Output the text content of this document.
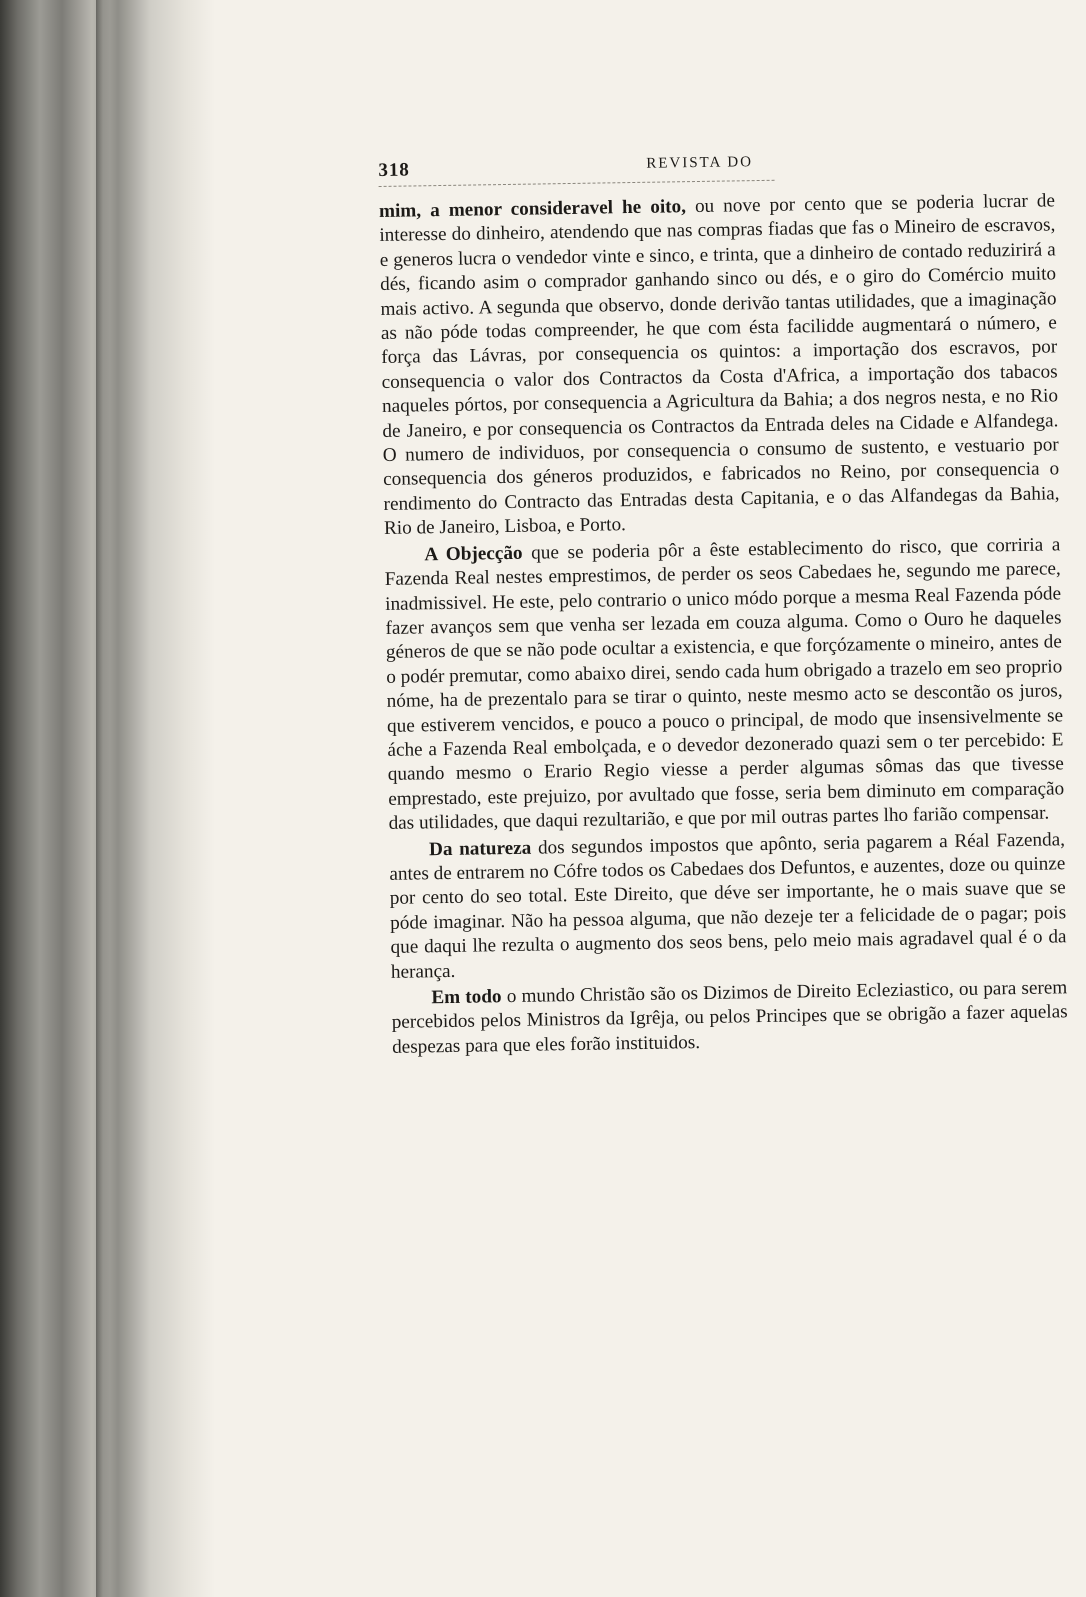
318	REVISTA DO

mim, a menor consideravel he oito, ou nove por cento que se poderia lucrar de interesse do dinheiro, atendendo que nas compras fiadas que fas o Mineiro de escravos, e generos lucra o vendedor vinte e sinco, e trinta, que a dinheiro de contado reduzirirá a dés, ficando asim o comprador ganhando sinco ou dés, e o giro do Comércio muito mais activo. A segunda que observo, donde derivão tantas utilidades, que a imaginação as não póde todas compreender, he que com ésta facilidde augmentará o número, e força das Lávras, por consequencia os quintos: a importação dos escravos, por consequencia o valor dos Contractos da Costa d'Africa, a importação dos tabacos naqueles pórtos, por consequencia a Agricultura da Bahia; a dos negros nesta, e no Rio de Janeiro, e por consequencia os Contractos da Entrada deles na Cidade e Alfandega. O numero de individuos, por consequencia o consumo de sustento, e vestuario por consequencia dos géneros produzidos, e fabricados no Reino, por consequencia o rendimento do Contracto das Entradas desta Capitania, e o das Alfandegas da Bahia, Rio de Janeiro, Lisboa, e Porto.

A Objecção que se poderia pôr a êste establecimento do risco, que corriria a Fazenda Real nestes emprestimos, de perder os seos Cabedaes he, segundo me parece, inadmissivel. He este, pelo contrario o unico módo porque a mesma Real Fazenda póde fazer avanços sem que venha ser lezada em couza alguma. Como o Ouro he daqueles géneros de que se não pode ocultar a existencia, e que forçózamente o mineiro, antes de o podér premutar, como abaixo direi, sendo cada hum obrigado a trazelo em seo proprio nóme, ha de prezentalo para se tirar o quinto, neste mesmo acto se descontão os juros, que estiverem vencidos, e pouco a pouco o principal, de modo que insensivelmente se áche a Fazenda Real embolçada, e o devedor dezonerado quazi sem o ter percebido: E quando mesmo o Erario Regio viesse a perder algumas sômas das que tivesse emprestado, este prejuizo, por avultado que fosse, seria bem diminuto em comparação das utilidades, que daqui rezultarião, e que por mil outras partes lho farião compensar.

Da natureza dos segundos impostos que apônto, seria pagarem a Réal Fazenda, antes de entrarem no Cófre todos os Cabedaes dos Defuntos, e auzentes, doze ou quinze por cento do seo total. Este Direito, que déve ser importante, he o mais suave que se póde imaginar. Não ha pessoa alguma, que não dezeje ter a felicidade de o pagar; pois que daqui lhe rezulta o augmento dos seos bens, pelo meio mais agradavel qual é o da herança.

Em todo o mundo Christão são os Dizimos de Direito Ecleziastico, ou para serem percebidos pelos Ministros da Igrêja, ou pelos Principes que se obrigão a fazer aquelas despezas para que eles forão instituidos.
